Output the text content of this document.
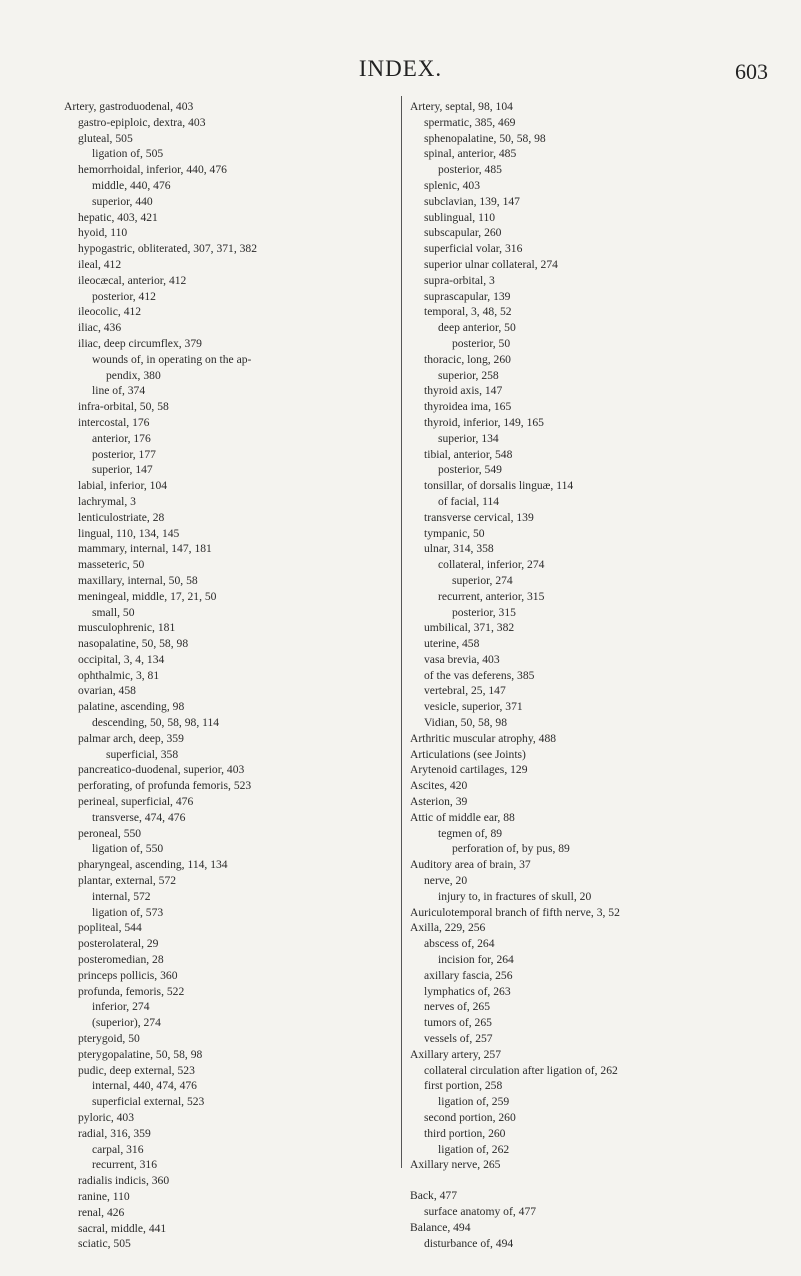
INDEX.	603
Artery, gastroduodenal, 403
gastro-epiploic, dextra, 403
gluteal, 505
ligation of, 505
hemorrhoidal, inferior, 440, 476
middle, 440, 476
superior, 440
hepatic, 403, 421
hyoid, 110
hypogastric, obliterated, 307, 371, 382
ileal, 412
ileocæcal, anterior, 412
posterior, 412
ileocolic, 412
iliac, 436
iliac, deep circumflex, 379
wounds of, in operating on the ap-
pendix, 380
line of, 374
infra-orbital, 50, 58
intercostal, 176
anterior, 176
posterior, 177
superior, 147
labial, inferior, 104
lachrymal, 3
lenticulostriate, 28
lingual, 110, 134, 145
mammary, internal, 147, 181
masseteric, 50
maxillary, internal, 50, 58
meningeal, middle, 17, 21, 50
small, 50
musculophrenic, 181
nasopalatine, 50, 58, 98
occipital, 3, 4, 134
ophthalmic, 3, 81
ovarian, 458
palatine, ascending, 98
descending, 50, 58, 98, 114
palmar arch, deep, 359
superficial, 358
pancreatico-duodenal, superior, 403
perforating, of profunda femoris, 523
perineal, superficial, 476
transverse, 474, 476
peroneal, 550
ligation of, 550
pharyngeal, ascending, 114, 134
plantar, external, 572
internal, 572
ligation of, 573
popliteal, 544
posterolateral, 29
posteromedian, 28
princeps pollicis, 360
profunda, femoris, 522
inferior, 274
(superior), 274
pterygoid, 50
pterygopalatine, 50, 58, 98
pudic, deep external, 523
internal, 440, 474, 476
superficial external, 523
pyloric, 403
radial, 316, 359
carpal, 316
recurrent, 316
radialis indicis, 360
ranine, 110
renal, 426
sacral, middle, 441
sciatic, 505
Artery, septal, 98, 104
spermatic, 385, 469
sphenopalatine, 50, 58, 98
spinal, anterior, 485
posterior, 485
splenic, 403
subclavian, 139, 147
sublingual, 110
subscapular, 260
superficial volar, 316
superior ulnar collateral, 274
supra-orbital, 3
suprascapular, 139
temporal, 3, 48, 52
deep anterior, 50
posterior, 50
thoracic, long, 260
superior, 258
thyroid axis, 147
thyroidea ima, 165
thyroid, inferior, 149, 165
superior, 134
tibial, anterior, 548
posterior, 549
tonsillar, of dorsalis linguæ, 114
of facial, 114
transverse cervical, 139
tympanic, 50
ulnar, 314, 358
collateral, inferior, 274
superior, 274
recurrent, anterior, 315
posterior, 315
umbilical, 371, 382
uterine, 458
vasa brevia, 403
of the vas deferens, 385
vertebral, 25, 147
vesicle, superior, 371
Vidian, 50, 58, 98
Arthritic muscular atrophy, 488
Articulations (see Joints)
Arytenoid cartilages, 129
Ascites, 420
Asterion, 39
Attic of middle ear, 88
tegmen of, 89
perforation of, by pus, 89
Auditory area of brain, 37
nerve, 20
injury to, in fractures of skull, 20
Auriculotemporal branch of fifth nerve, 3, 52
Axilla, 229, 256
abscess of, 264
incision for, 264
axillary fascia, 256
lymphatics of, 263
nerves of, 265
tumors of, 265
vessels of, 257
Axillary artery, 257
collateral circulation after ligation of, 262
first portion, 258
ligation of, 259
second portion, 260
third portion, 260
ligation of, 262
Axillary nerve, 265
Back, 477
surface anatomy of, 477
Balance, 494
disturbance of, 494
